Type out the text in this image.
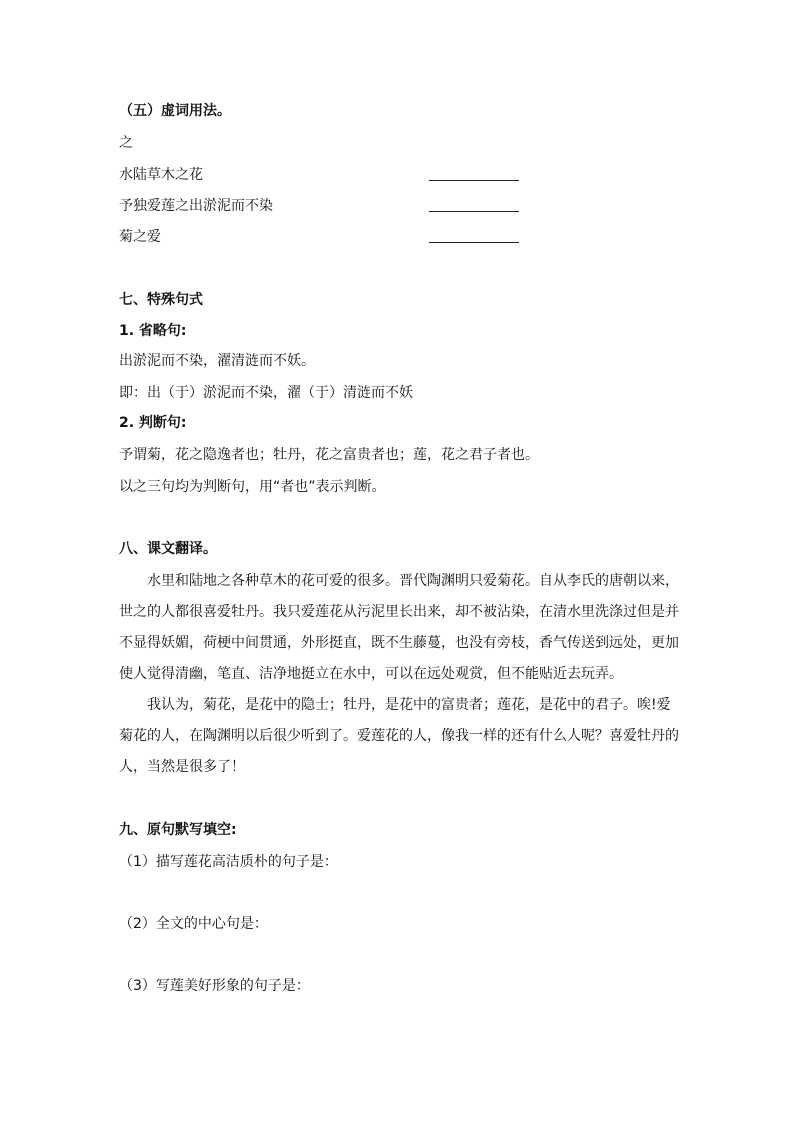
（五）虚词用法。
之
水陆草木之花
予独爱莲之出淤泥而不染
菊之爱
七、特殊句式
1. 省略句:
出淤泥而不染，濯清涟而不妖。
即：出（于）淤泥而不染，濯（于）清涟而不妖
2. 判断句:
予谓菊，花之隐逸者也；牡丹，花之富贵者也；莲，花之君子者也。
以之三句均为判断句，用“者也”表示判断。
八、课文翻译。
水里和陆地之各种草木的花可爱的很多。晋代陶渊明只爱菊花。自从李氏的唐朝以来，
世之的人都很喜爱牡丹。我只爱莲花从污泥里长出来，却不被沾染，在清水里洗涤过但是并
不显得妖媚，荷梗中间贯通，外形挺直，既不生藤蔓，也没有旁枝，香气传送到远处，更加
使人觉得清幽，笔直、洁净地挺立在水中，可以在远处观赏，但不能贴近去玩弄。
我认为，菊花，是花中的隐士；牡丹，是花中的富贵者；莲花，是花中的君子。唉!爱
菊花的人，在陶渊明以后很少听到了。爱莲花的人，像我一样的还有什么人呢？喜爱牡丹的
人，当然是很多了！
九、原句默写填空:
（1）描写莲花高洁质朴的句子是：
（2）全文的中心句是：
（3）写莲美好形象的句子是：
